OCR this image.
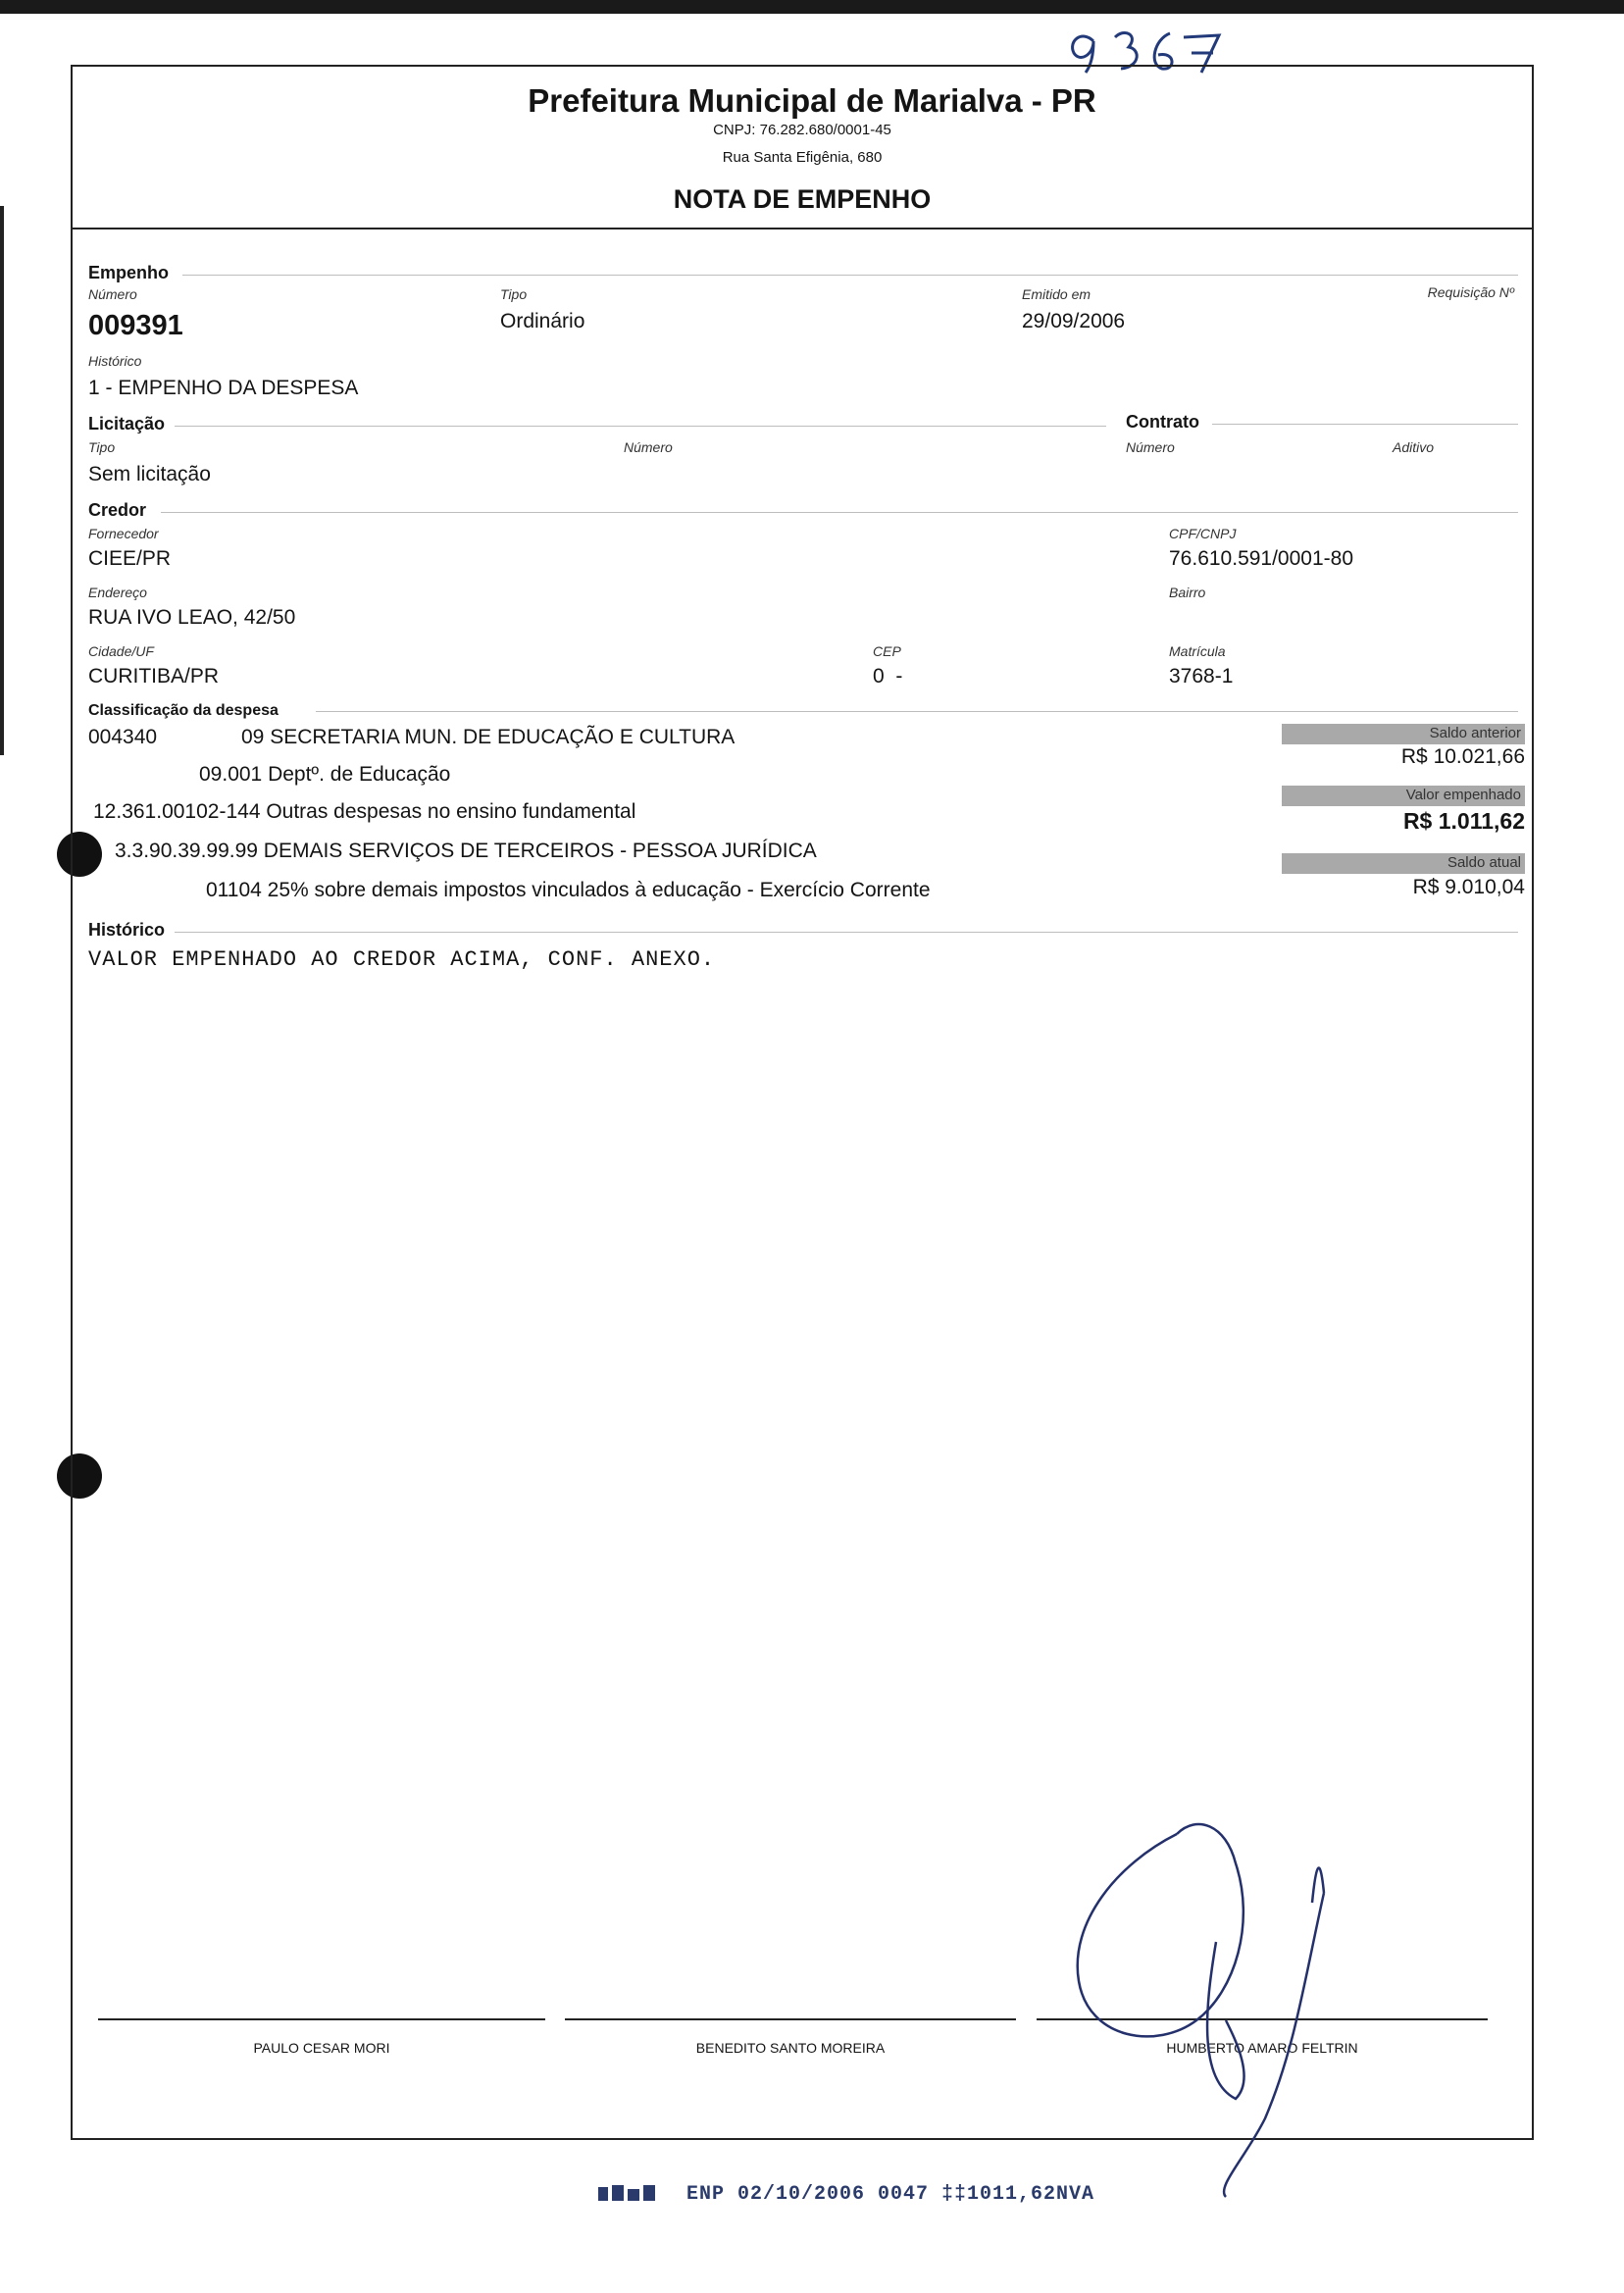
Prefeitura Municipal de Marialva - PR
CNPJ: 76.282.680/0001-45
Rua Santa Efigênia, 680
NOTA DE EMPENHO
Empenho
Número
009391
Tipo
Ordinário
Emitido em
29/09/2006
Requisição Nº
Histórico
1 - EMPENHO DA DESPESA
Licitação
Tipo
Sem licitação
Número
Contrato
Número	Aditivo
Credor
Fornecedor
CIEE/PR
CPF/CNPJ
76.610.591/0001-80
Endereço
RUA IVO LEAO, 42/50
Bairro
Cidade/UF
CURITIBA/PR
CEP
0  -
Matrícula
3768-1
Classificação da despesa
004340	09 SECRETARIA MUN. DE EDUCAÇÃO E CULTURA
09.001 Deptº. de Educação
12.361.00102-144 Outras despesas no ensino fundamental
3.3.90.39.99.99 DEMAIS SERVIÇOS DE TERCEIROS - PESSOA JURÍDICA
01104 25% sobre demais impostos vinculados à educação - Exercício Corrente
Saldo anterior
R$ 10.021,66
Valor empenhado
R$ 1.011,62
Saldo atual
R$ 9.010,04
Histórico
VALOR EMPENHADO AO CREDOR ACIMA, CONF. ANEXO.
PAULO CESAR MORI	BENEDITO SANTO MOREIRA	HUMBERTO AMARO FELTRIN
ENP 02/10/2006 0047 ‡‡1011,62NVA
